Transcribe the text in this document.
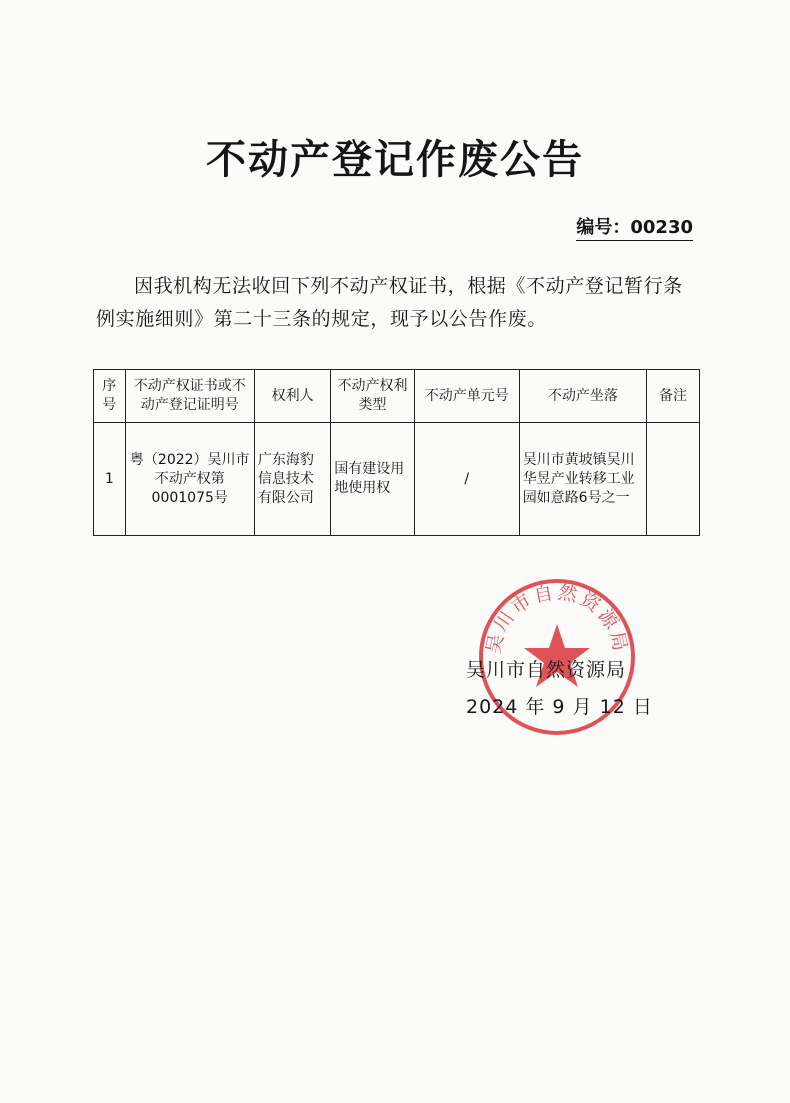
不动产登记作废公告
编号：00230
因我机构无法收回下列不动产权证书，根据《不动产登记暂行条例实施细则》第二十三条的规定，现予以公告作废。
序号	不动产权证书或不动产登记证明号	权利人	不动产权利类型	不动产单元号	不动产坐落	备注
1	粤（2022）吴川市不动产权第0001075号	广东海豹信息技术有限公司	国有建设用地使用权	/	吴川市黄坡镇吴川华昱产业转移工业园如意路6号之一	
吴川市自然资源局
吴川市自然资源局
2024 年 9 月 12 日
